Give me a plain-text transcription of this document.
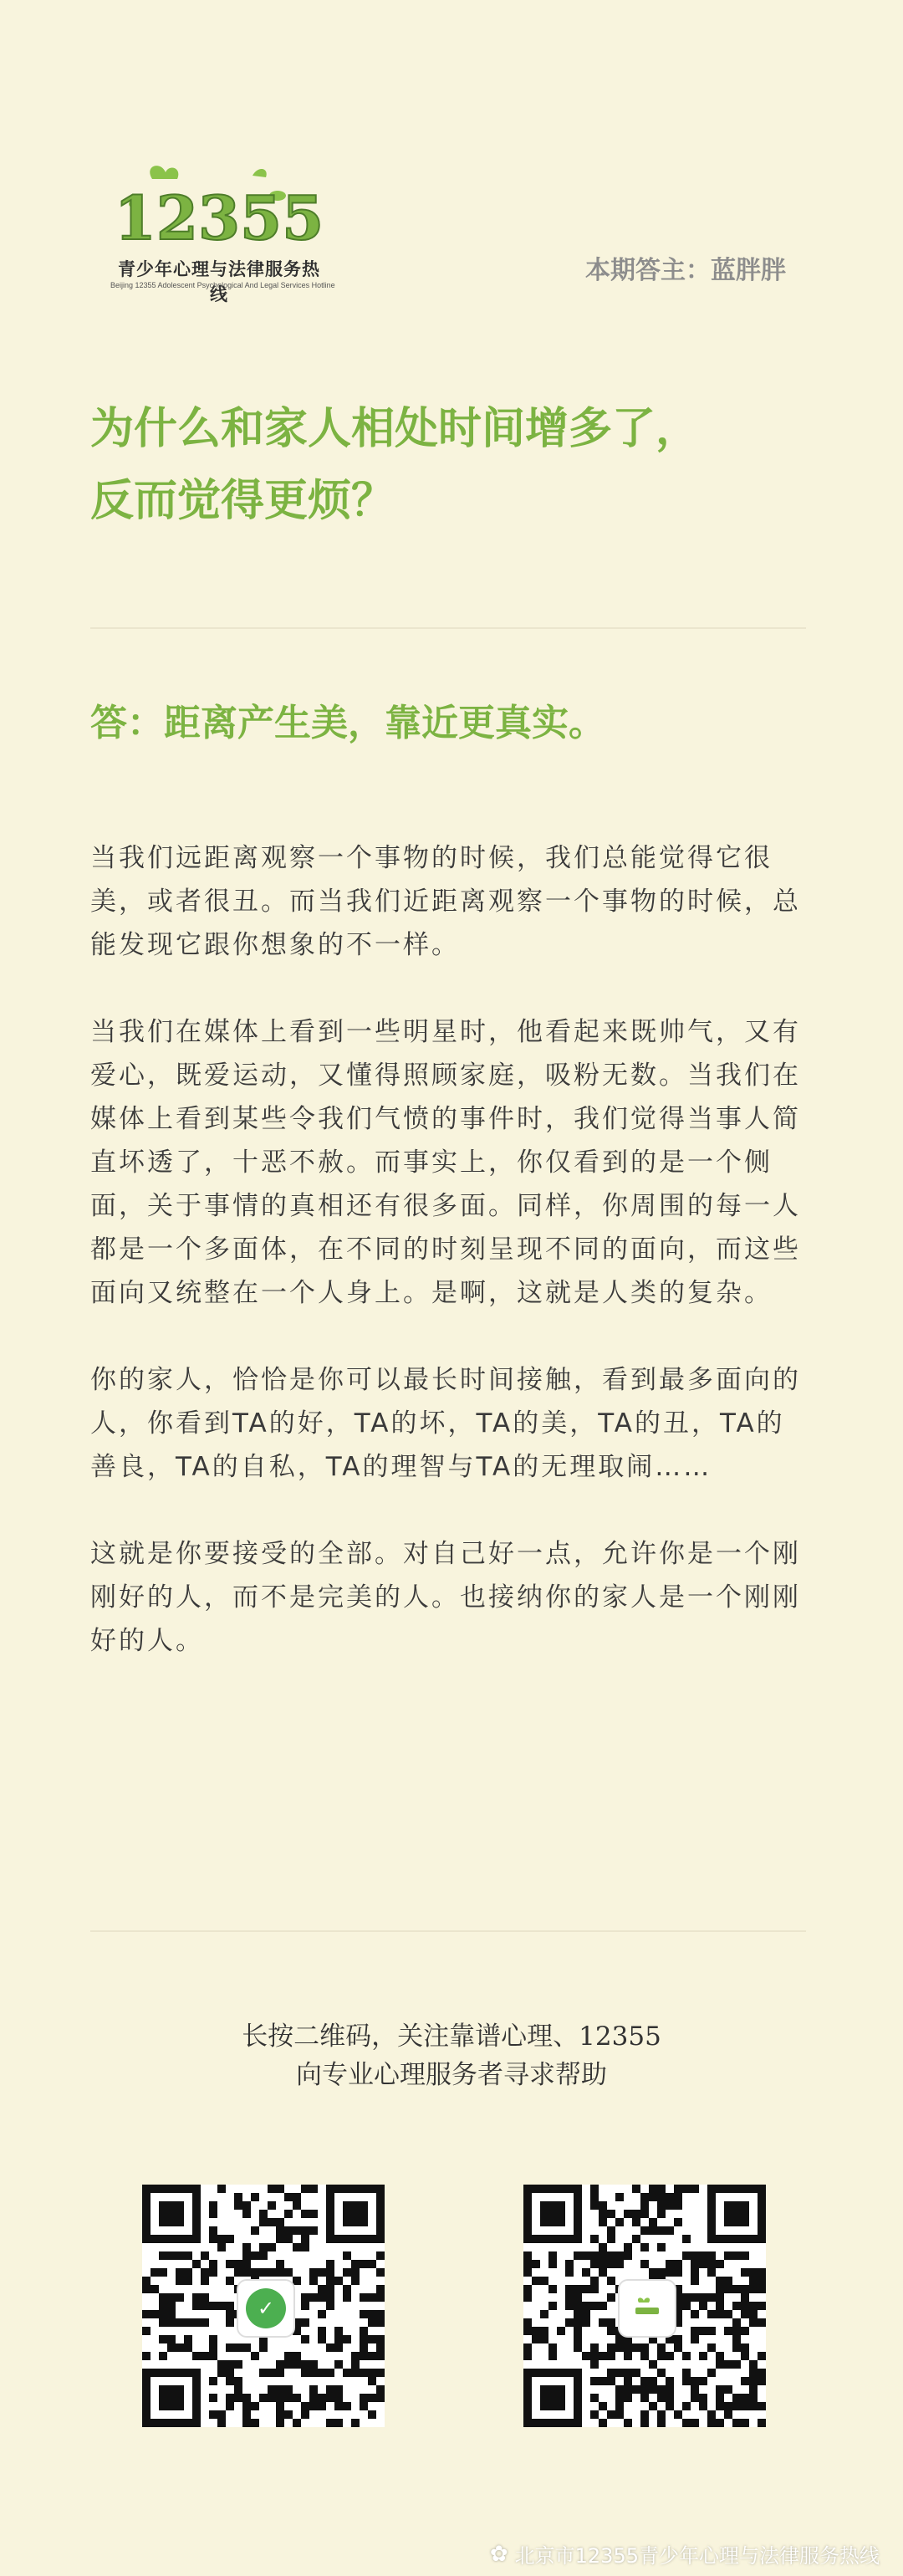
12355
青少年心理与法律服务热线
Beijing 12355 Adolescent Psychological And Legal Services Hotline	本期答主：蓝胖胖
为什么和家人相处时间增多了，
反而觉得更烦？
答：距离产生美，靠近更真实。

当我们远距离观察一个事物的时候，我们总能觉得它很美，或者很丑。而当我们近距离观察一个事物的时候，总能发现它跟你想象的不一样。

当我们在媒体上看到一些明星时，他看起来既帅气，又有爱心，既爱运动，又懂得照顾家庭，吸粉无数。当我们在媒体上看到某些令我们气愤的事件时，我们觉得当事人简直坏透了，十恶不赦。而事实上，你仅看到的是一个侧面，关于事情的真相还有很多面。同样，你周围的每一人都是一个多面体，在不同的时刻呈现不同的面向，而这些面向又统整在一个人身上。是啊，这就是人类的复杂。

你的家人，恰恰是你可以最长时间接触，看到最多面向的人，你看到TA的好，TA的坏，TA的美，TA的丑，TA的善良，TA的自私，TA的理智与TA的无理取闹……

这就是你要接受的全部。对自己好一点，允许你是一个刚刚好的人，而不是完美的人。也接纳你的家人是一个刚刚好的人。

长按二维码，关注靠谱心理、12355
向专业心理服务者寻求帮助
✓
✿ 北京市12355青少年心理与法律服务热线
